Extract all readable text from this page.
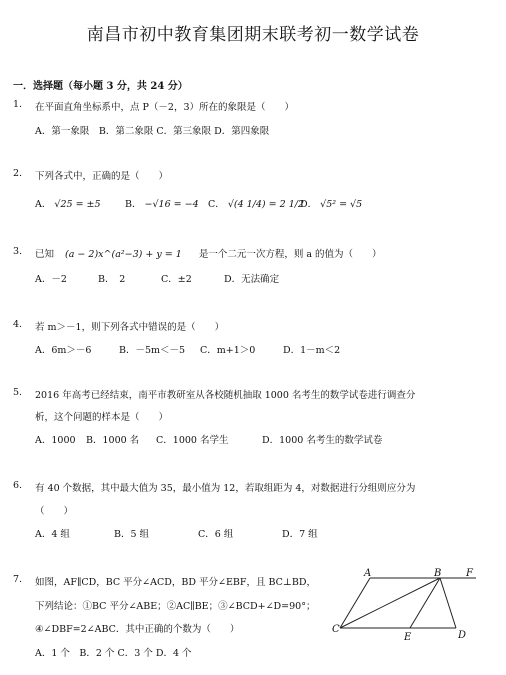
南昌市初中教育集团期末联考初一数学试卷
一．选择题（每小题 3 分，共 24 分）
1. 在平面直角坐标系中，点 P（－2，3）所在的象限是（　　）
A．第一象限　B．第二象限 C．第三象限 D．第四象限
2. 下列各式中，正确的是（　　）
A． √25 = ±5	B． −√16 = −4 C． √(4 1/4) = 2 1/2
D． √5² = √5
3. 已知 (a − 2)x^(a²−3) + y = 1 是一个二元一次方程，则 a 的值为（　　）
A．－2	B．　2	C．±2	D．无法确定
4. 若 m＞－1，则下列各式中错误的是（　　）
A．6m＞－6	B．－5m＜－5 C．m+1＞0	D．1－m＜2
5. 2016 年高考已经结束，南平市教研室从各校随机抽取 1000 名考生的数学试卷进行调查分
析，这个问题的样本是（　　）
A．1000 B．1000 名 C．1000 名学生	D．1000 名考生的数学试卷
6. 有 40 个数据，其中最大值为 35，最小值为 12，若取组距为 4，对数据进行分组则应分为
（　　）
A．4 组	B．5 组	C．6 组	D．7 组
7. 如图，AF∥CD，BC 平分∠ACD，BD 平分∠EBF，且 BC⊥BD，
下列结论：①BC 平分∠ABE；②AC∥BE；③∠BCD+∠D=90°；
④∠DBF=2∠ABC．其中正确的个数为（　　）
A．1 个　B．2 个 C．3 个 D．4 个
A	B F
C
E	D
